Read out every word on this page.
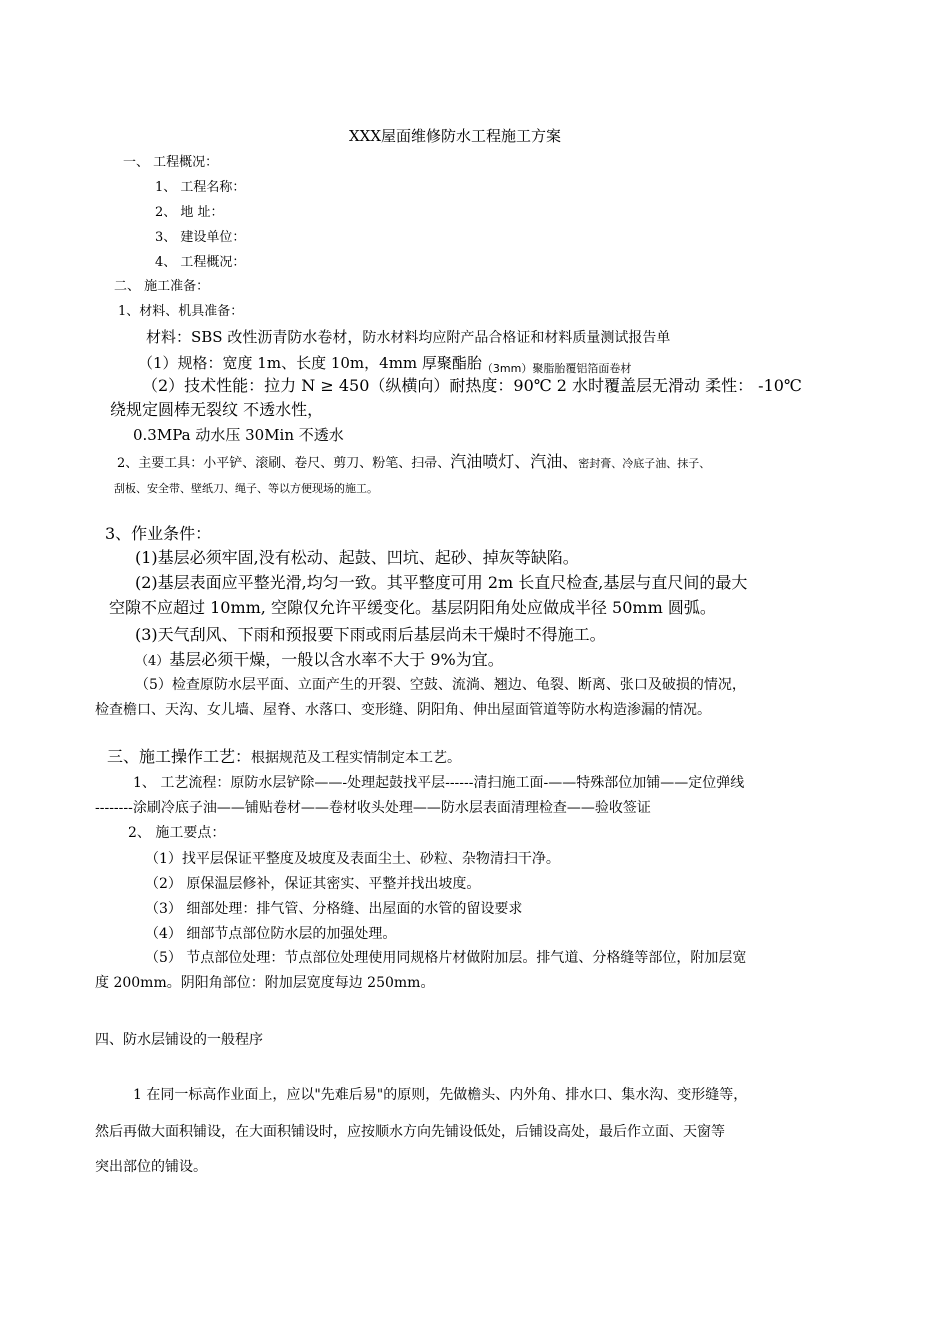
XXX屋面维修防水工程施工方案
一、 工程概况：
1、 工程名称：
2、 地 址：
3、 建设单位：
4、 工程概况：
二、 施工准备：
1、材料、机具准备：
材料：SBS 改性沥青防水卷材，防水材料均应附产品合格证和材料质量测试报告单
（1）规格：宽度 1m、长度 10m，4mm 厚聚酯胎$_{(3mm)聚脂胎覆铝箔面卷材}$
（2）技术性能：拉力 N ≥ 450（纵横向）耐热度：90℃ 2 水时覆盖层无滑动 柔性： -10℃
绕规定圆棒无裂纹 不透水性，
0.3MPa 动水压 30Min 不透水
2、主要工具：小平铲、滚刷、卷尺、剪刀、粉笔、扫帚、汽油喷灯、汽油、密封膏、冷底子油、抹子、
刮板、安全带、壁纸刀、绳子、等以方便现场的施工。
3、作业条件：
(1)基层必须牢固,没有松动、起鼓、凹坑、起砂、掉灰等缺陷。
(2)基层表面应平整光滑,均匀一致。其平整度可用 2m 长直尺检查,基层与直尺间的最大
空隙不应超过 10mm, 空隙仅允许平缓变化。基层阴阳角处应做成半径 50mm 圆弧。
(3)天气刮风、下雨和预报要下雨或雨后基层尚未干燥时不得施工。
（4）基层必须干燥，一般以含水率不大于 9%为宜。
（5）检查原防水层平面、立面产生的开裂、空鼓、流淌、翘边、龟裂、断离、张口及破损的情况，
检查檐口、天沟、女儿墙、屋脊、水落口、变形缝、阴阳角、伸出屋面管道等防水构造渗漏的情况。
三、施工操作工艺：根据规范及工程实情制定本工艺。
1、 工艺流程：原防水层铲除——-处理起鼓找平层------清扫施工面-——特殊部位加铺——定位弹线
--------涂刷冷底子油——铺贴卷材——卷材收头处理——防水层表面清理检查——验收签证
2、 施工要点：
（1）找平层保证平整度及坡度及表面尘土、砂粒、杂物清扫干净。
（2） 原保温层修补，保证其密实、平整并找出坡度。
（3） 细部处理：排气管、分格缝、出屋面的水管的留设要求
（4） 细部节点部位防水层的加强处理。
（5） 节点部位处理：节点部位处理使用同规格片材做附加层。排气道、分格缝等部位，附加层宽
度 200mm。阴阳角部位：附加层宽度每边 250mm。
四、防水层铺设的一般程序
1 在同一标高作业面上，应以"先难后易"的原则，先做檐头、内外角、排水口、集水沟、变形缝等，
然后再做大面积铺设，在大面积铺设时，应按顺水方向先铺设低处，后铺设高处，最后作立面、天窗等
突出部位的铺设。
